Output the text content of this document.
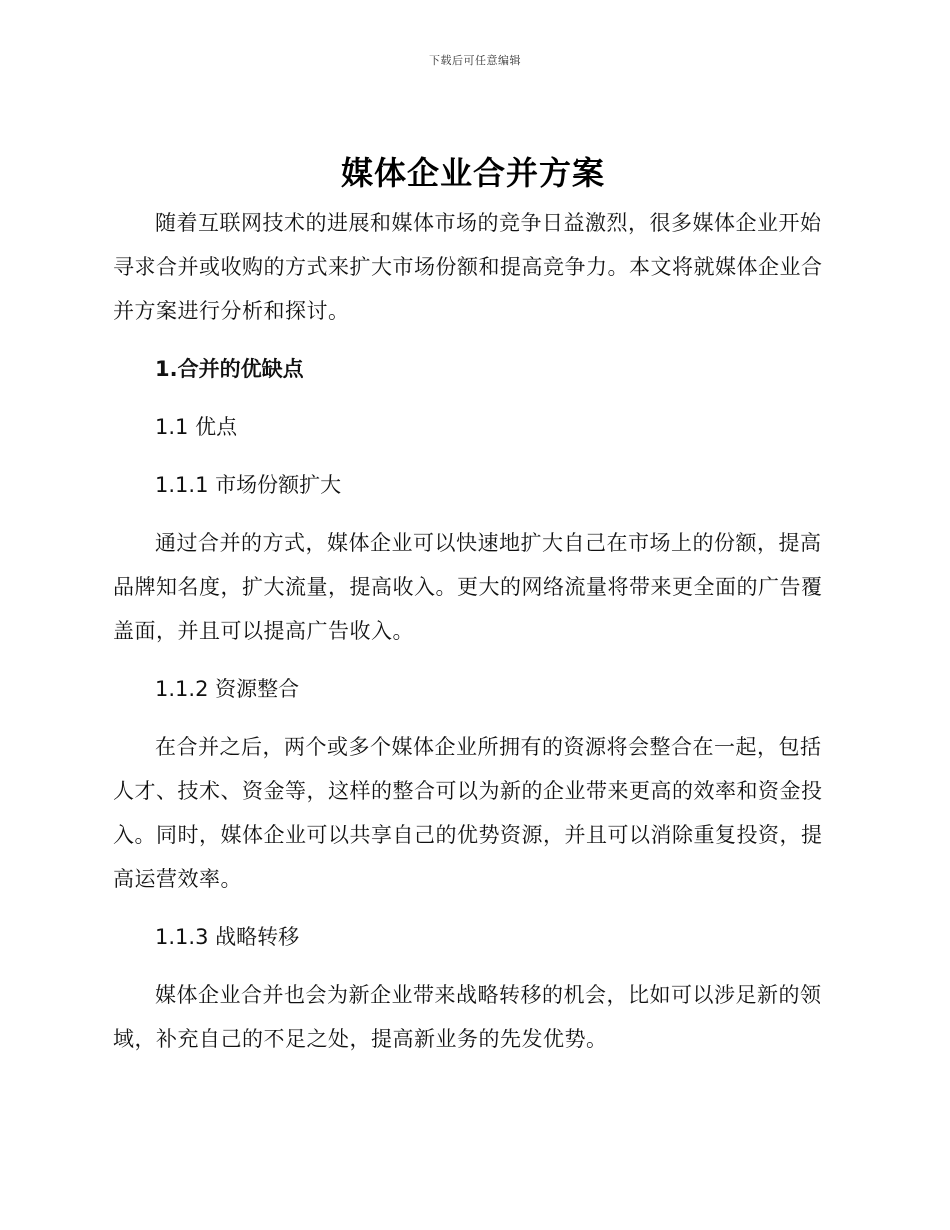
下载后可任意编辑
媒体企业合并方案

随着互联网技术的进展和媒体市场的竞争日益激烈，很多媒体企业开始寻求合并或收购的方式来扩大市场份额和提高竞争力。本文将就媒体企业合并方案进行分析和探讨。

1.合并的优缺点

1.1 优点

1.1.1 市场份额扩大

通过合并的方式，媒体企业可以快速地扩大自己在市场上的份额，提高品牌知名度，扩大流量，提高收入。更大的网络流量将带来更全面的广告覆盖面，并且可以提高广告收入。

1.1.2 资源整合

在合并之后，两个或多个媒体企业所拥有的资源将会整合在一起，包括人才、技术、资金等，这样的整合可以为新的企业带来更高的效率和资金投入。同时，媒体企业可以共享自己的优势资源，并且可以消除重复投资，提高运营效率。

1.1.3 战略转移

媒体企业合并也会为新企业带来战略转移的机会，比如可以涉足新的领域，补充自己的不足之处，提高新业务的先发优势。
